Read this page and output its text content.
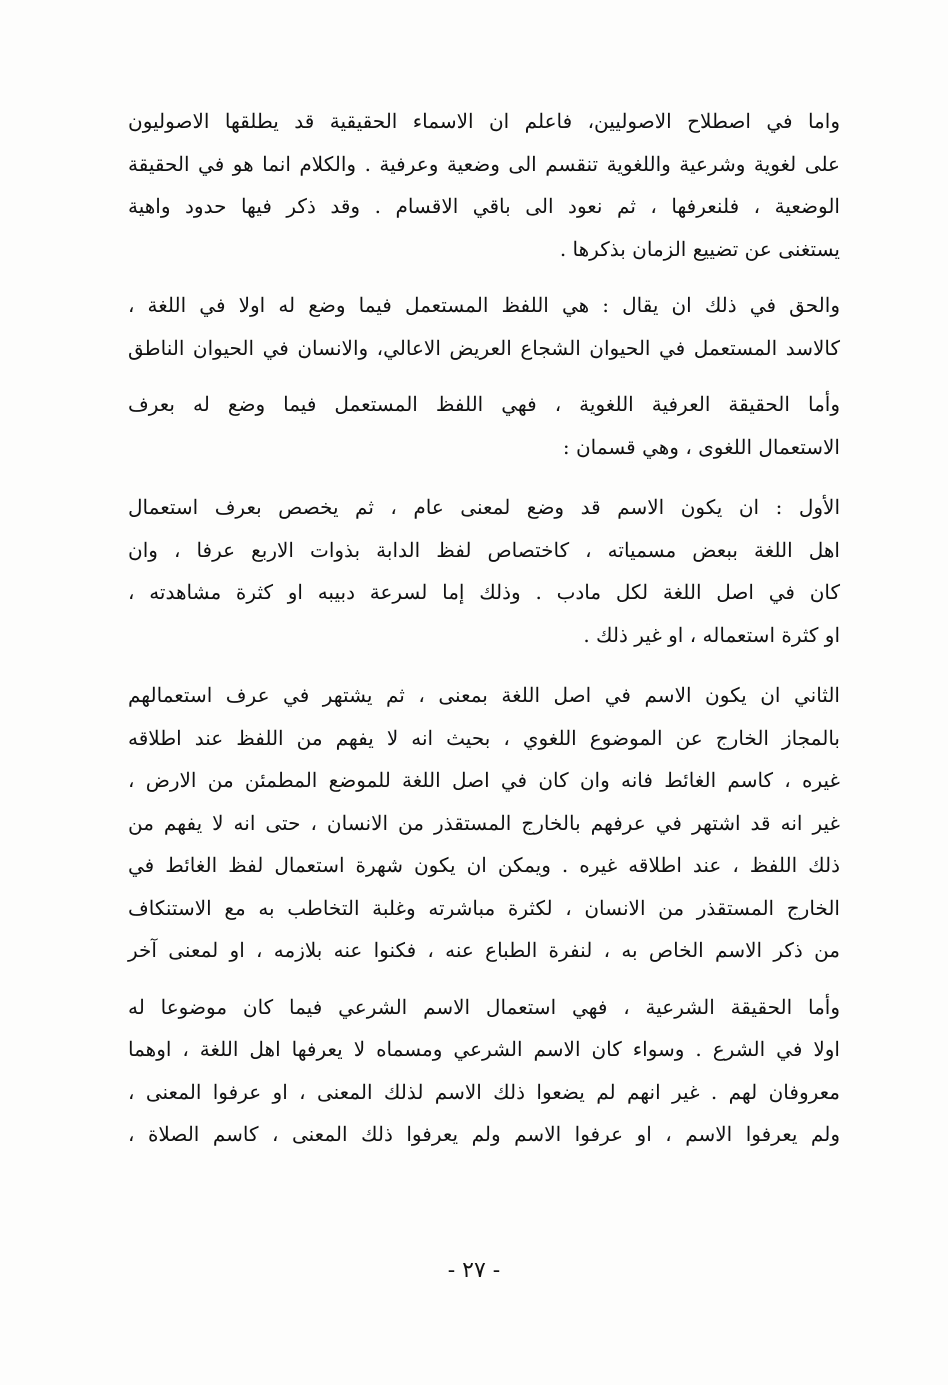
واما في اصطلاح الاصوليين، فاعلم ان الاسماء الحقيقية قد يطلقها الاصوليون
على لغوية وشرعية واللغوية تنقسم الى وضعية وعرفية . والكلام انما هو في الحقيقة
الوضعية ، فلنعرفها ، ثم نعود الى باقي الاقسام . وقد ذكر فيها حدود واهية
يستغنى عن تضييع الزمان بذكرها .

والحق في ذلك ان يقال : هي اللفظ المستعمل فيما وضع له اولا في اللغة ،
كالاسد المستعمل في الحيوان الشجاع العريض الاعالي، والانسان في الحيوان الناطق

وأما الحقيقة العرفية اللغوية ، فهي اللفظ المستعمل فيما وضع له بعرف
الاستعمال اللغوى ، وهي قسمان :

الأول : ان يكون الاسم قد وضع لمعنى عام ، ثم يخصص بعرف استعمال
اهل اللغة ببعض مسمياته ، كاختصاص لفظ الدابة بذوات الاربع عرفا ، وان
كان في اصل اللغة لكل مادب . وذلك إما لسرعة دبيبه او كثرة مشاهدته ،
او كثرة استعماله ، او غير ذلك .

الثاني ان يكون الاسم في اصل اللغة بمعنى ، ثم يشتهر في عرف استعمالهم
بالمجاز الخارج عن الموضوع اللغوي ، بحيث انه لا يفهم من اللفظ عند اطلاقه
غيره ، كاسم الغائط فانه وان كان في اصل اللغة للموضع المطمئن من الارض ،
غير انه قد اشتهر في عرفهم بالخارج المستقذر من الانسان ، حتى انه لا يفهم من
ذلك اللفظ ، عند اطلاقه غيره . ويمكن ان يكون شهرة استعمال لفظ الغائط في
الخارج المستقذر من الانسان ، لكثرة مباشرته وغلبة التخاطب به مع الاستنكاف
من ذكر الاسم الخاص به ، لنفرة الطباع عنه ، فكنوا عنه بلازمه ، او لمعنى آخر

وأما الحقيقة الشرعية ، فهي استعمال الاسم الشرعي فيما كان موضوعا له
اولا في الشرع . وسواء كان الاسم الشرعي ومسماه لا يعرفها اهل اللغة ، اوهما
معروفان لهم . غير انهم لم يضعوا ذلك الاسم لذلك المعنى ، او عرفوا المعنى ،
ولم يعرفوا الاسم ، او عرفوا الاسم ولم يعرفوا ذلك المعنى ، كاسم الصلاة ،

- ٢٧ -
